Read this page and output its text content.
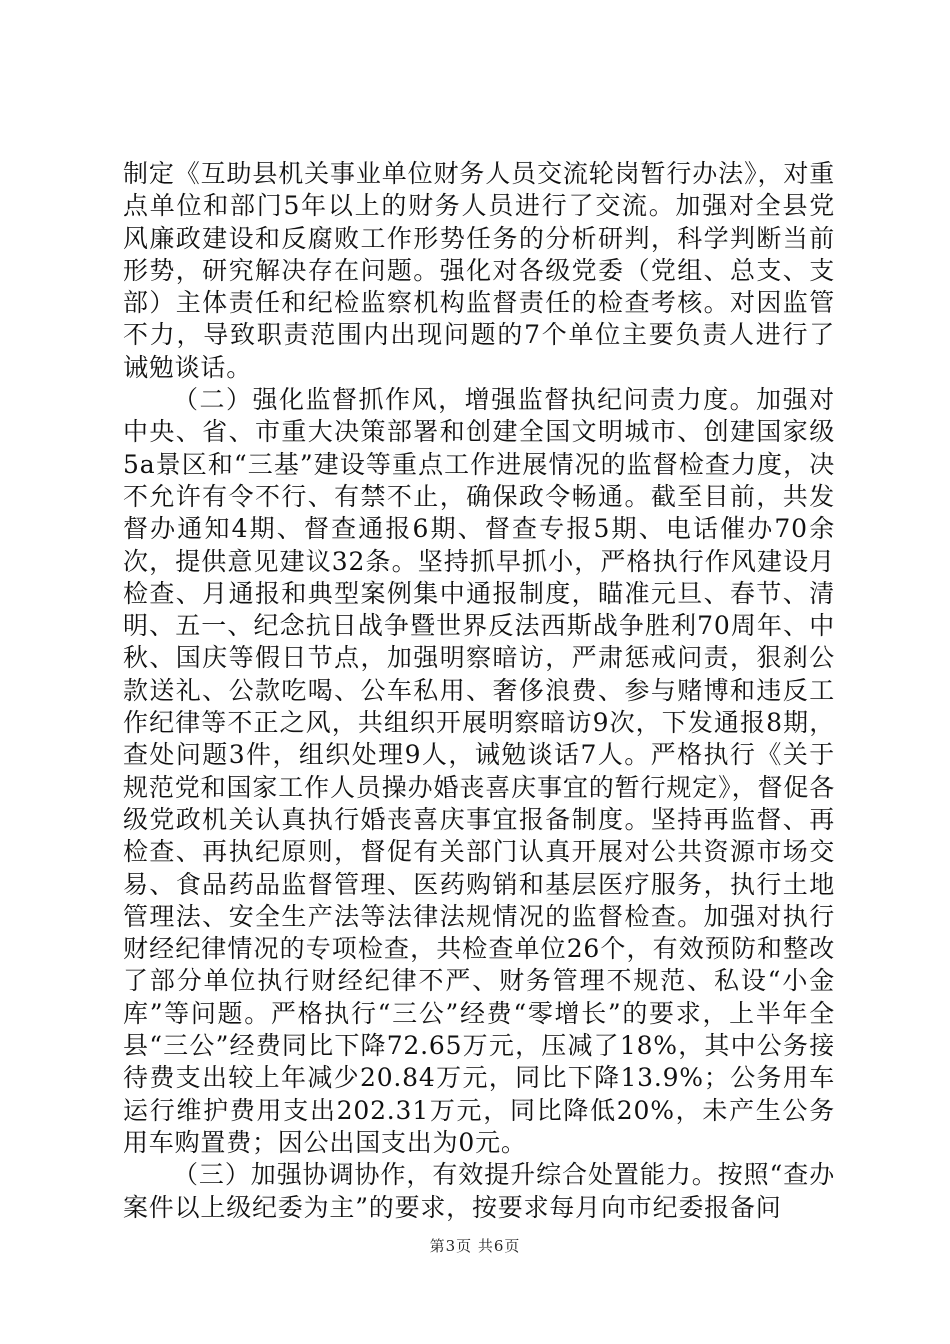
制定《互助县机关事业单位财务人员交流轮岗暂行办法》，对重点单位和部门5年以上的财务人员进行了交流。加强对全县党风廉政建设和反腐败工作形势任务的分析研判，科学判断当前形势，研究解决存在问题。强化对各级党委（党组、总支、支部）主体责任和纪检监察机构监督责任的检查考核。对因监管不力，导致职责范围内出现问题的7个单位主要负责人进行了诫勉谈话。

（二）强化监督抓作风，增强监督执纪问责力度。加强对中央、省、市重大决策部署和创建全国文明城市、创建国家级5a景区和“三基”建设等重点工作进展情况的监督检查力度，决不允许有令不行、有禁不止，确保政令畅通。截至目前，共发督办通知4期、督查通报6期、督查专报5期、电话催办70余次，提供意见建议32条。坚持抓早抓小，严格执行作风建设月检查、月通报和典型案例集中通报制度，瞄准元旦、春节、清明、五一、纪念抗日战争暨世界反法西斯战争胜利70周年、中秋、国庆等假日节点，加强明察暗访，严肃惩戒问责，狠刹公款送礼、公款吃喝、公车私用、奢侈浪费、参与赌博和违反工作纪律等不正之风，共组织开展明察暗访9次，下发通报8期，查处问题3件，组织处理9人，诫勉谈话7人。严格执行《关于规范党和国家工作人员操办婚丧喜庆事宜的暂行规定》，督促各级党政机关认真执行婚丧喜庆事宜报备制度。坚持再监督、再检查、再执纪原则，督促有关部门认真开展对公共资源市场交易、食品药品监督管理、医药购销和基层医疗服务，执行土地管理法、安全生产法等法律法规情况的监督检查。加强对执行财经纪律情况的专项检查，共检查单位26个，有效预防和整改了部分单位执行财经纪律不严、财务管理不规范、私设“小金库”等问题。严格执行“三公”经费“零增长”的要求，上半年全县“三公”经费同比下降72.65万元，压减了18%，其中公务接待费支出较上年减少20.84万元，同比下降13.9%；公务用车运行维护费用支出202.31万元，同比降低20%，未产生公务用车购置费；因公出国支出为0元。

（三）加强协调协作，有效提升综合处置能力。按照“查办案件以上级纪委为主”的要求，按要求每月向市纪委报备问

第3页 共6页
